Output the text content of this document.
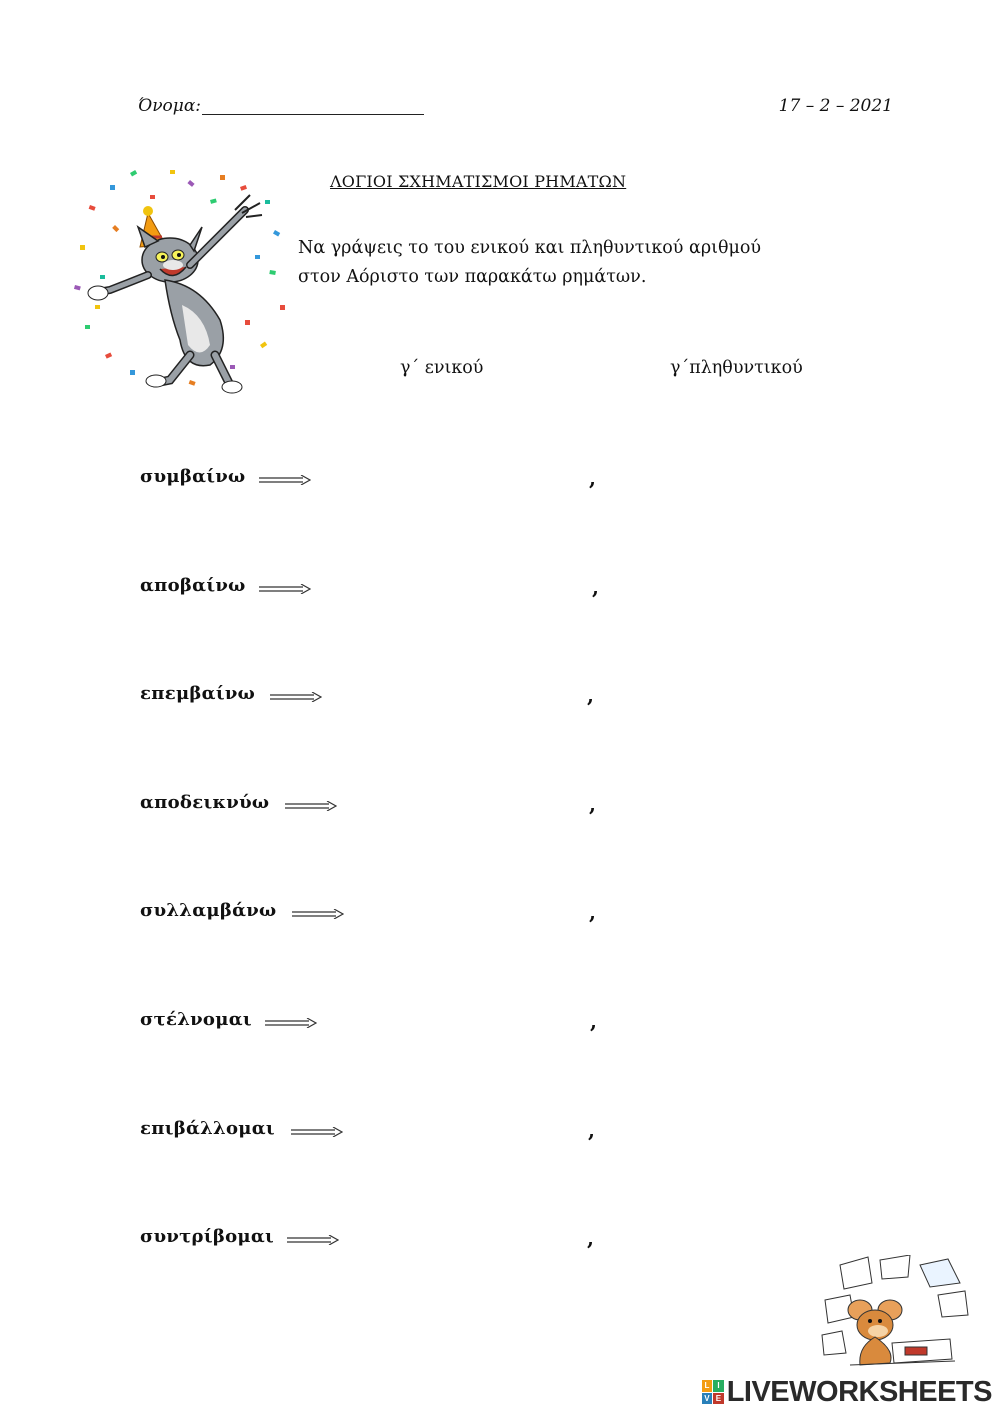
Όνομα:	17 – 2 – 2021
ΛΟΓΙΟΙ ΣΧΗΜΑΤΙΣΜΟΙ ΡΗΜΑΤΩΝ
Να γράψεις το του ενικού και πληθυντικού αριθμού
στον Αόριστο των παρακάτω ρημάτων.
γ΄ ενικού	γ΄πληθυντικού
συμβαίνω	,
αποβαίνω	,
επεμβαίνω	,
αποδεικνύω	,
συλλαμβάνω	,
στέλνομαι	,
επιβάλλομαι	,
συντρίβομαι	,
L I
V E LIVEWORKSHEETS
